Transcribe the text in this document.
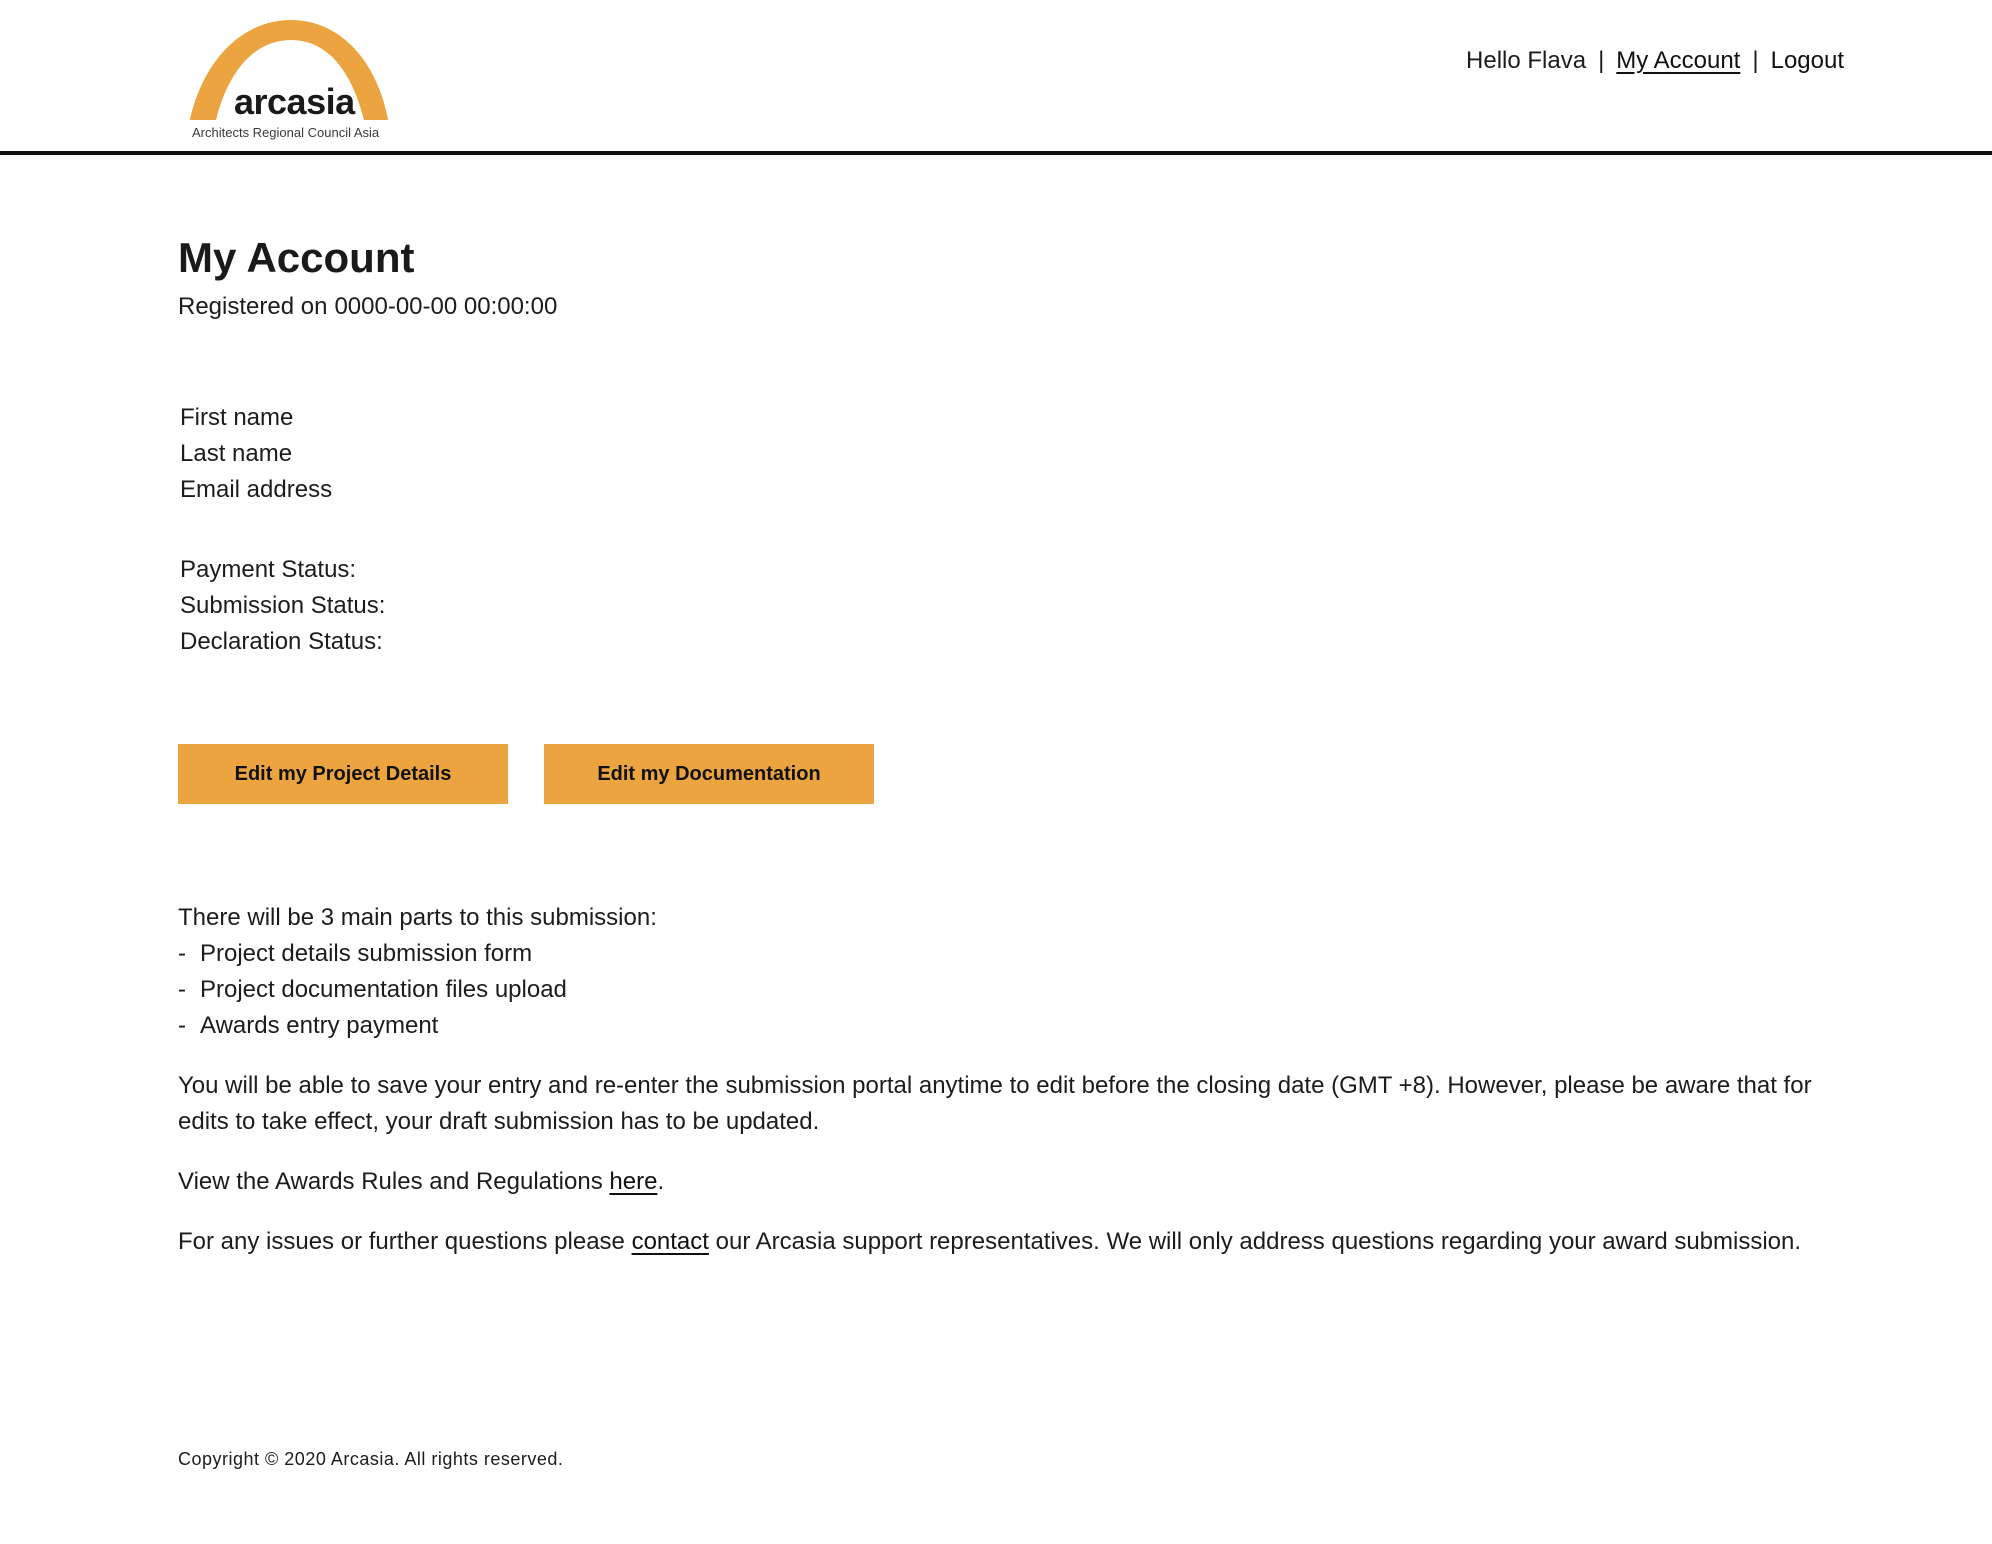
arcasia
Architects Regional Council Asia
Hello Flava | My Account | Logout
My Account
Registered on 0000-00-00 00:00:00
First name
Last name
Email address
Payment Status:
Submission Status:
Declaration Status:
Edit my Project Details	Edit my Documentation

There will be 3 main parts to this submission:

- Project details submission form
- Project documentation files upload
- Awards entry payment

You will be able to save your entry and re-enter the submission portal anytime to edit before the closing date (GMT +8). However, please be aware that for edits to take effect, your draft submission has to be updated.

View the Awards Rules and Regulations here.

For any issues or further questions please contact our Arcasia support representatives. We will only address questions regarding your award submission.

Copyright © 2020 Arcasia. All rights reserved.
